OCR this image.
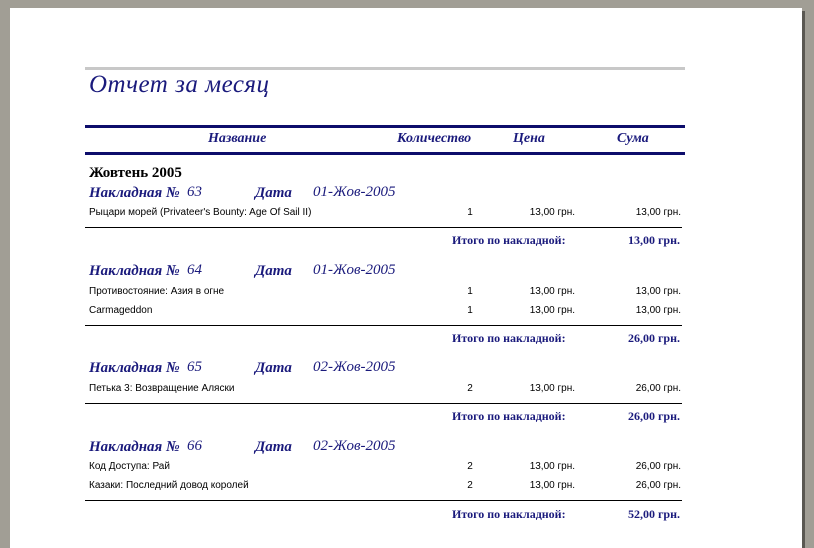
Отчет за месяц
Название	Количество	Цена	Сума
Жовтень 2005
Накладная № 63	Дата 01-Жов-2005
Рыцари морей (Privateer's Bounty: Age Of Sail II)	1	13,00 грн.	13,00 грн.
Итого по накладной:	13,00 грн.
Накладная № 64	Дата 01-Жов-2005
Противостояние: Азия в огне	1	13,00 грн.	13,00 грн.
Carmageddon	1	13,00 грн.	13,00 грн.
Итого по накладной:	26,00 грн.
Накладная № 65	Дата 02-Жов-2005
Петька 3: Возвращение Аляски	2	13,00 грн.	26,00 грн.
Итого по накладной:	26,00 грн.
Накладная № 66	Дата 02-Жов-2005
Код Доступа: Рай	2	13,00 грн.	26,00 грн.
Казаки: Последний довод королей	2	13,00 грн.	26,00 грн.
Итого по накладной:	52,00 грн.
